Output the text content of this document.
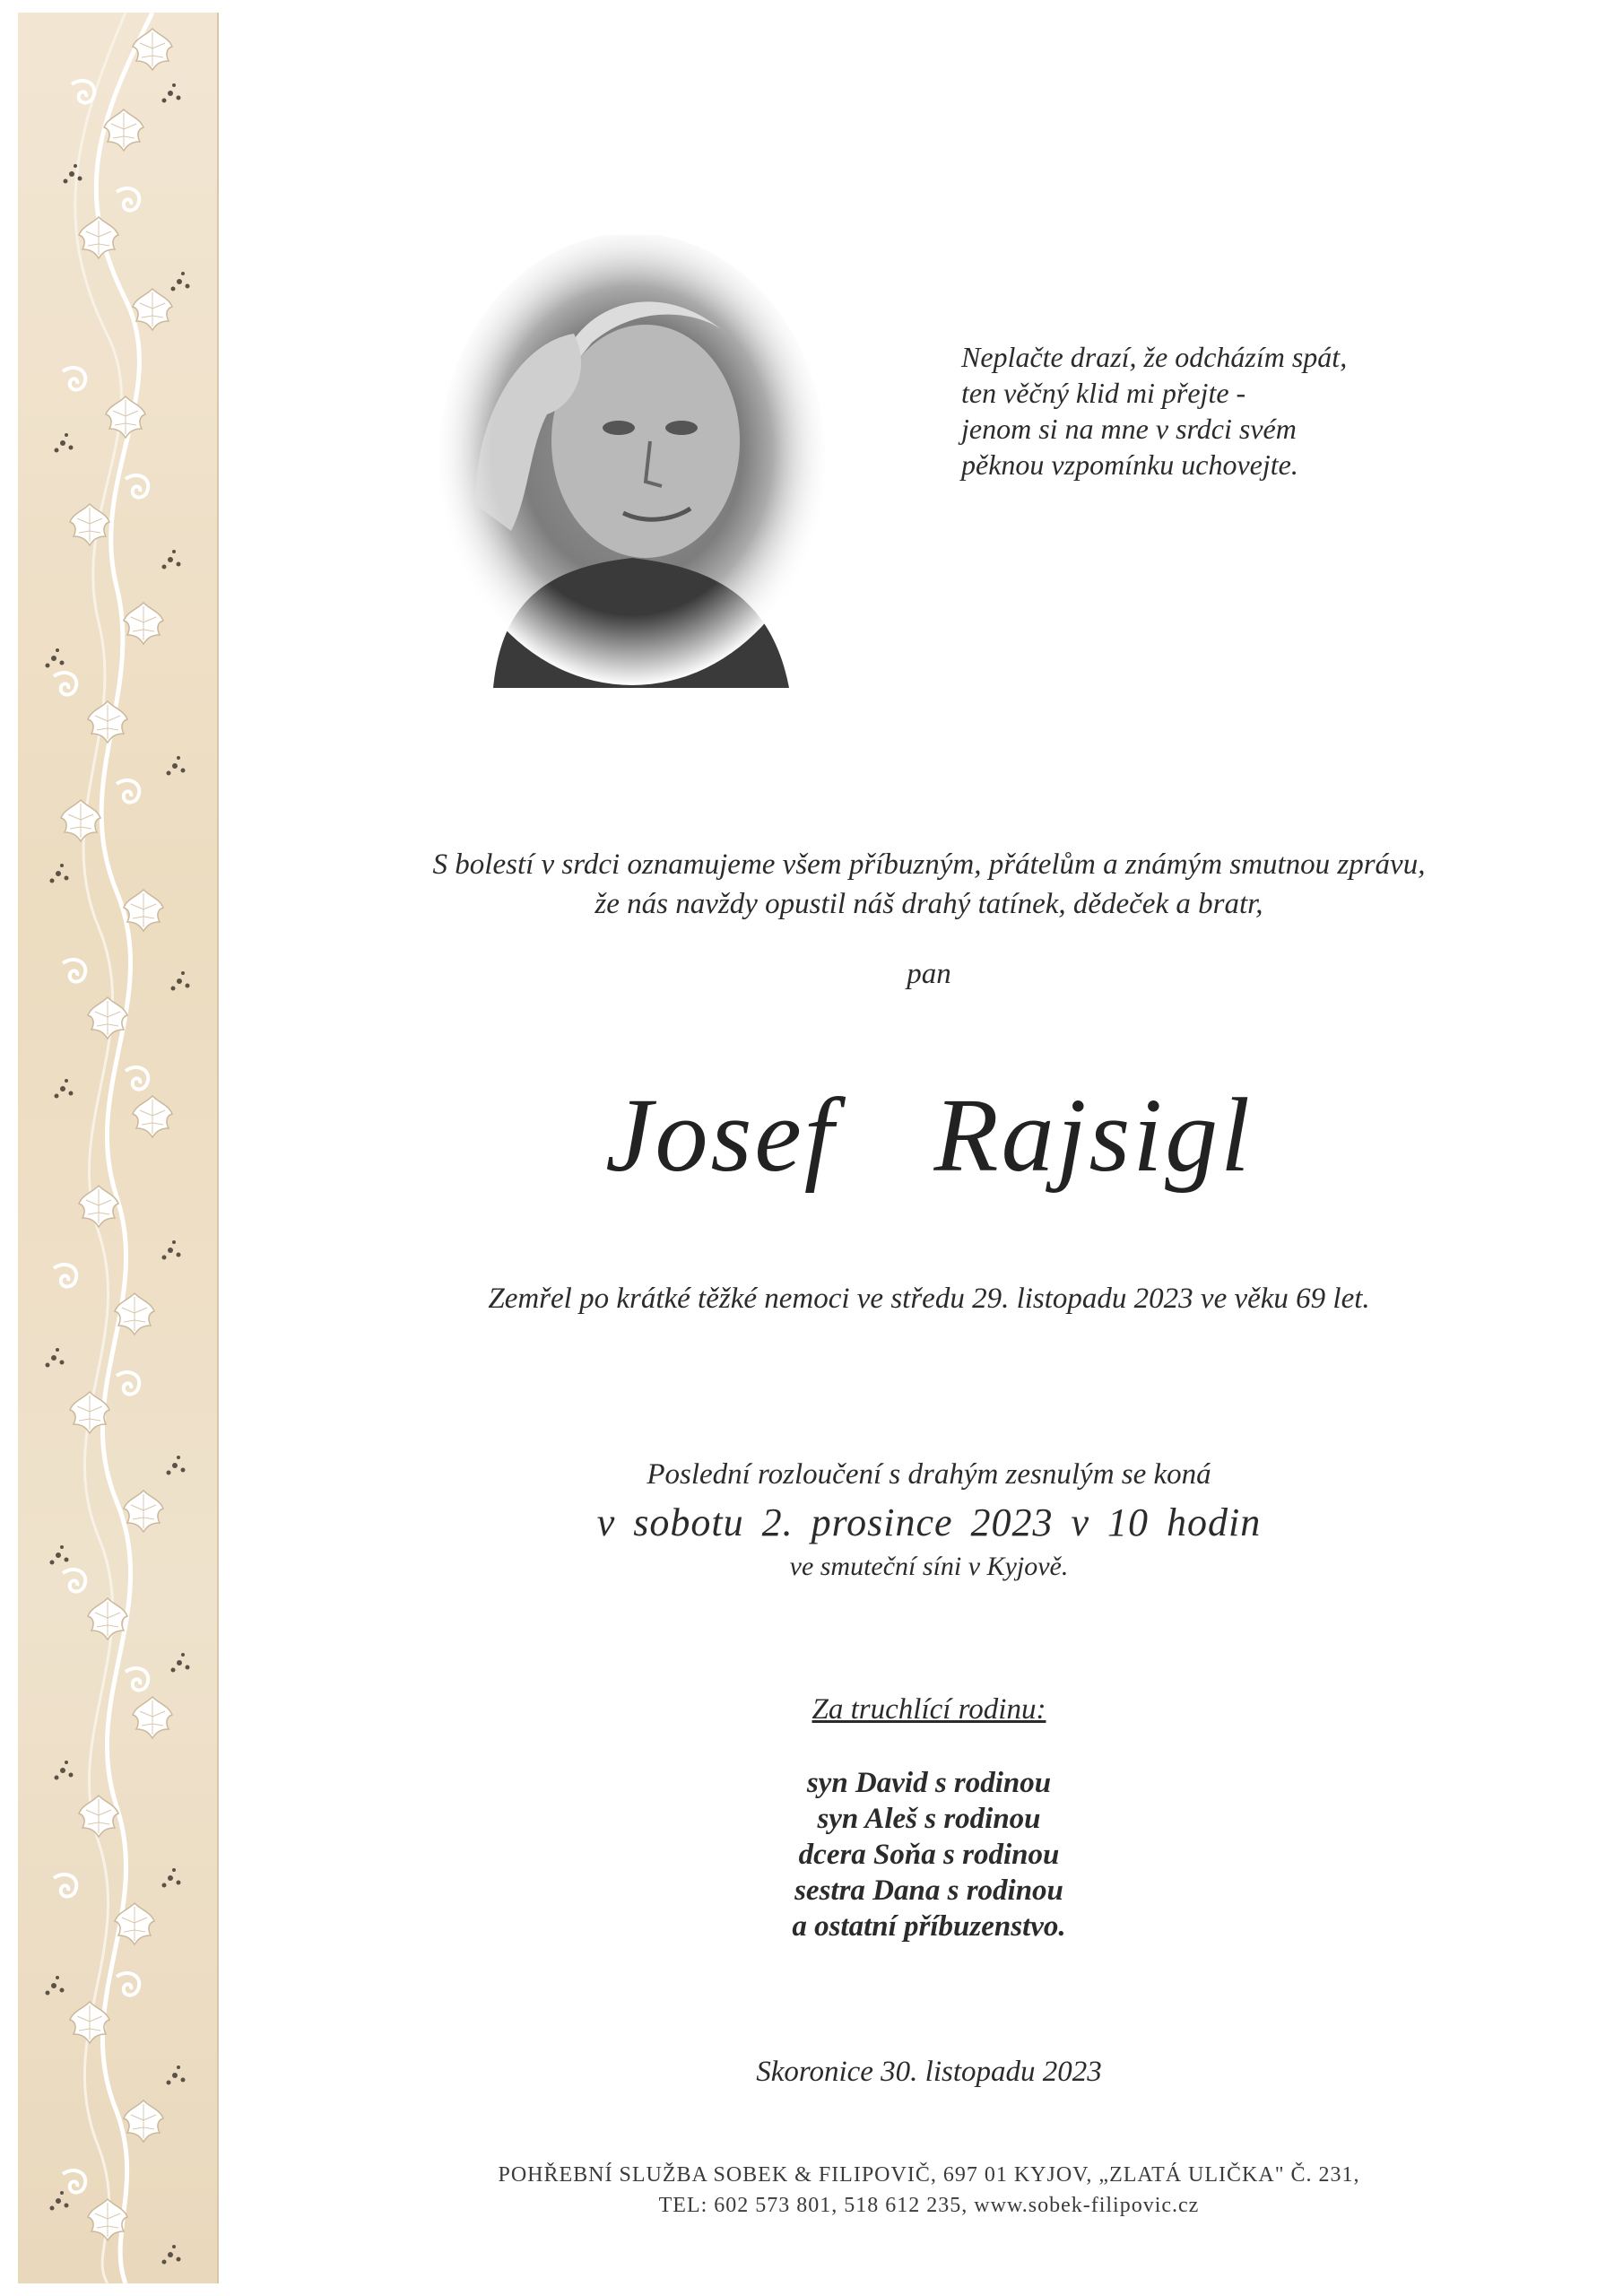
Neplačte drazí, že odcházím spát,
ten věčný klid mi přejte -
jenom si na mne v srdci svém
pěknou vzpomínku uchovejte.
S bolestí v srdci oznamujeme všem příbuzným, přátelům a známým smutnou zprávu,
že nás navždy opustil náš drahý tatínek, dědeček a bratr,
pan
Josef  Rajsigl
Zemřel po krátké těžké nemoci ve středu 29. listopadu 2023 ve věku 69 let.
Poslední rozloučení s drahým zesnulým se koná
v sobotu 2. prosince 2023 v 10 hodin
ve smuteční síni v Kyjově.
Za truchlící rodinu:
syn David s rodinou
syn Aleš s rodinou
dcera Soňa s rodinou
sestra Dana s rodinou
a ostatní příbuzenstvo.
Skoronice 30. listopadu 2023
POHŘEBNÍ SLUŽBA SOBEK & FILIPOVIČ, 697 01 KYJOV, „ZLATÁ ULIČKA" Č. 231,
TEL: 602 573 801, 518 612 235, www.sobek-filipovic.cz
